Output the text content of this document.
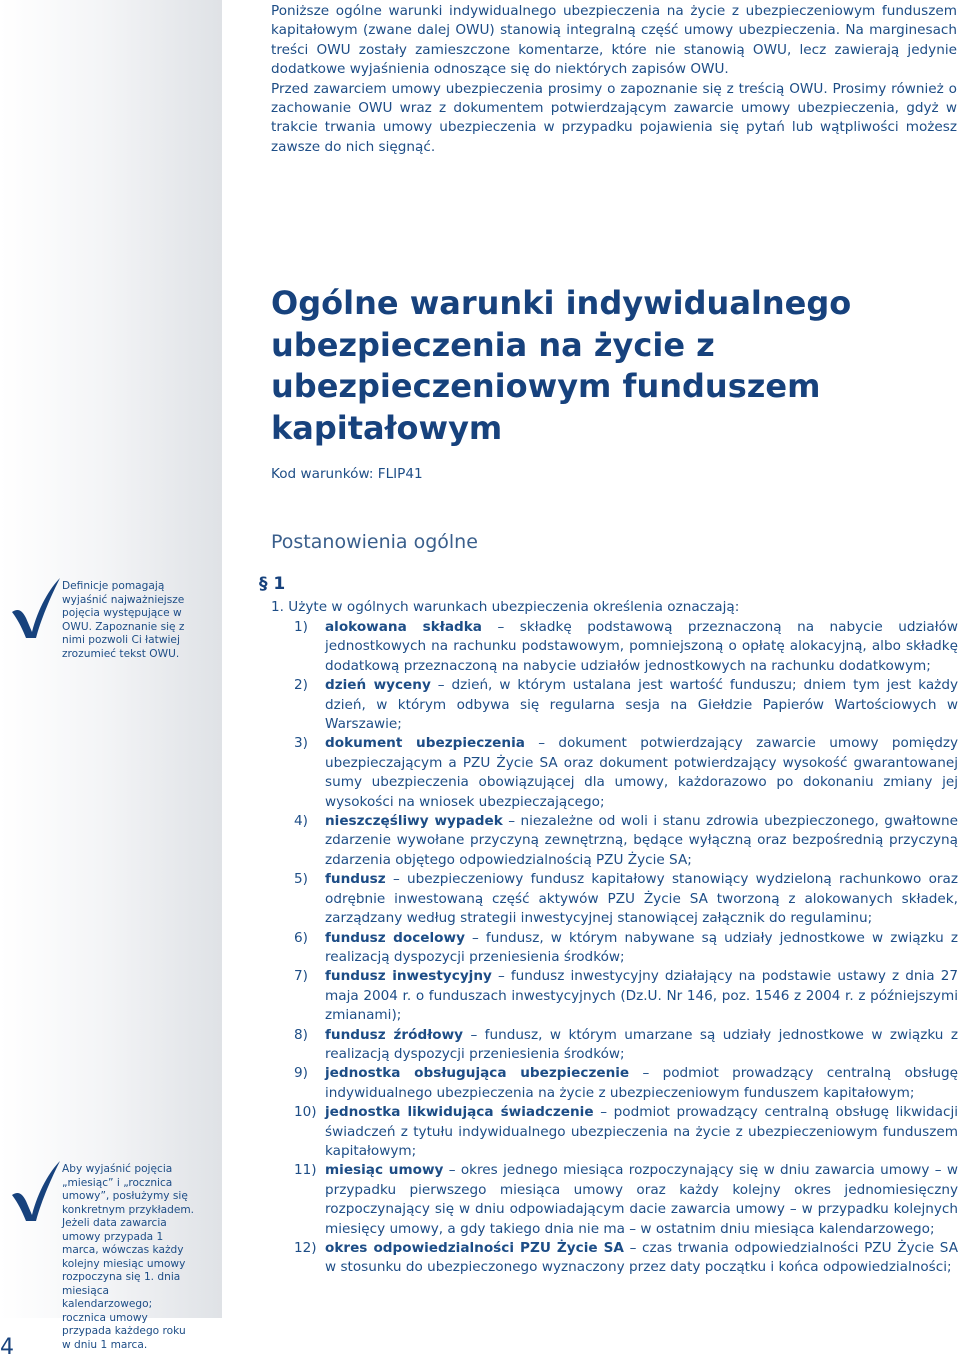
Poniższe ogólne warunki indywidualnego ubezpieczenia na życie z ubezpieczeniowym funduszem kapitałowym (zwane dalej OWU) stanowią integralną część umowy ubezpieczenia. Na marginesach treści OWU zostały zamieszczone komentarze, które nie stanowią OWU, lecz zawierają jedynie dodatkowe wyjaśnienia odnoszące się do niektórych zapisów OWU.

Przed zawarciem umowy ubezpieczenia prosimy o zapoznanie się z treścią OWU. Prosimy również o zachowanie OWU wraz z dokumentem potwierdzającym zawarcie umowy ubezpieczenia, gdyż w trakcie trwania umowy ubezpieczenia w przypadku pojawienia się pytań lub wątpliwości możesz zawsze do nich sięgnąć.

Ogólne warunki indywidualnego ubezpieczenia na życie z ubezpieczeniowym funduszem kapitałowym
Kod warunków: FLIP41
Postanowienia ogólne
Definicje pomagają wyjaśnić najważniejsze pojęcia występujące w OWU. Zapoznanie się z nimi pozwoli Ci łatwiej zrozumieć tekst OWU.
Aby wyjaśnić pojęcia „miesiąc” i „rocznica umowy”, posłużymy się konkretnym przykładem. Jeżeli data zawarcia umowy przypada 1 marca, wówczas każdy kolejny miesiąc umowy rozpoczyna się 1. dnia miesiąca kalendarzowego; rocznica umowy przypada każdego roku w dniu 1 marca.
§ 1
1. Użyte w ogólnych warunkach ubezpieczenia określenia oznaczają:
1) alokowana składka – składkę podstawową przeznaczoną na nabycie udziałów jednostkowych na rachunku podstawowym, pomniejszoną o opłatę alokacyjną, albo składkę dodatkową przeznaczoną na nabycie udziałów jednostkowych na rachunku dodatkowym;
2) dzień wyceny – dzień, w którym ustalana jest wartość funduszu; dniem tym jest każdy dzień, w którym odbywa się regularna sesja na Giełdzie Papierów Wartościowych w Warszawie;
3) dokument ubezpieczenia – dokument potwierdzający zawarcie umowy pomiędzy ubezpieczającym a PZU Życie SA oraz dokument potwierdzający wysokość gwarantowanej sumy ubezpieczenia obowiązującej dla umowy, każdorazowo po dokonaniu zmiany jej wysokości na wniosek ubezpieczającego;
4) nieszczęśliwy wypadek – niezależne od woli i stanu zdrowia ubezpieczonego, gwałtowne zdarzenie wywołane przyczyną zewnętrzną, będące wyłączną oraz bezpośrednią przyczyną zdarzenia objętego odpowiedzialnością PZU Życie SA;
5) fundusz – ubezpieczeniowy fundusz kapitałowy stanowiący wydzieloną rachunkowo oraz odrębnie inwestowaną część aktywów PZU Życie SA tworzoną z alokowanych składek, zarządzany według strategii inwestycyjnej stanowiącej załącznik do regulaminu;
6) fundusz docelowy – fundusz, w którym nabywane są udziały jednostkowe w związku z realizacją dyspozycji przeniesienia środków;
7) fundusz inwestycyjny – fundusz inwestycyjny działający na podstawie ustawy z dnia 27 maja 2004 r. o funduszach inwestycyjnych (Dz.U. Nr 146, poz. 1546 z 2004 r. z późniejszymi zmianami);
8) fundusz źródłowy – fundusz, w którym umarzane są udziały jednostkowe w związku z realizacją dyspozycji przeniesienia środków;
9) jednostka obsługująca ubezpieczenie – podmiot prowadzący centralną obsługę indywidualnego ubezpieczenia na życie z ubezpieczeniowym funduszem kapitałowym;
10) jednostka likwidująca świadczenie – podmiot prowadzący centralną obsługę likwidacji świadczeń z tytułu indywidualnego ubezpieczenia na życie z ubezpieczeniowym funduszem kapitałowym;
11) miesiąc umowy – okres jednego miesiąca rozpoczynający się w dniu zawarcia umowy – w przypadku pierwszego miesiąca umowy oraz każdy kolejny okres jednomiesięczny rozpoczynający się w dniu odpowiadającym dacie zawarcia umowy – w przypadku kolejnych miesięcy umowy, a gdy takiego dnia nie ma – w ostatnim dniu miesiąca kalendarzowego;
12) okres odpowiedzialności PZU Życie SA – czas trwania odpowiedzialności PZU Życie SA w stosunku do ubezpieczonego wyznaczony przez daty początku i końca odpowiedzialności;
4
